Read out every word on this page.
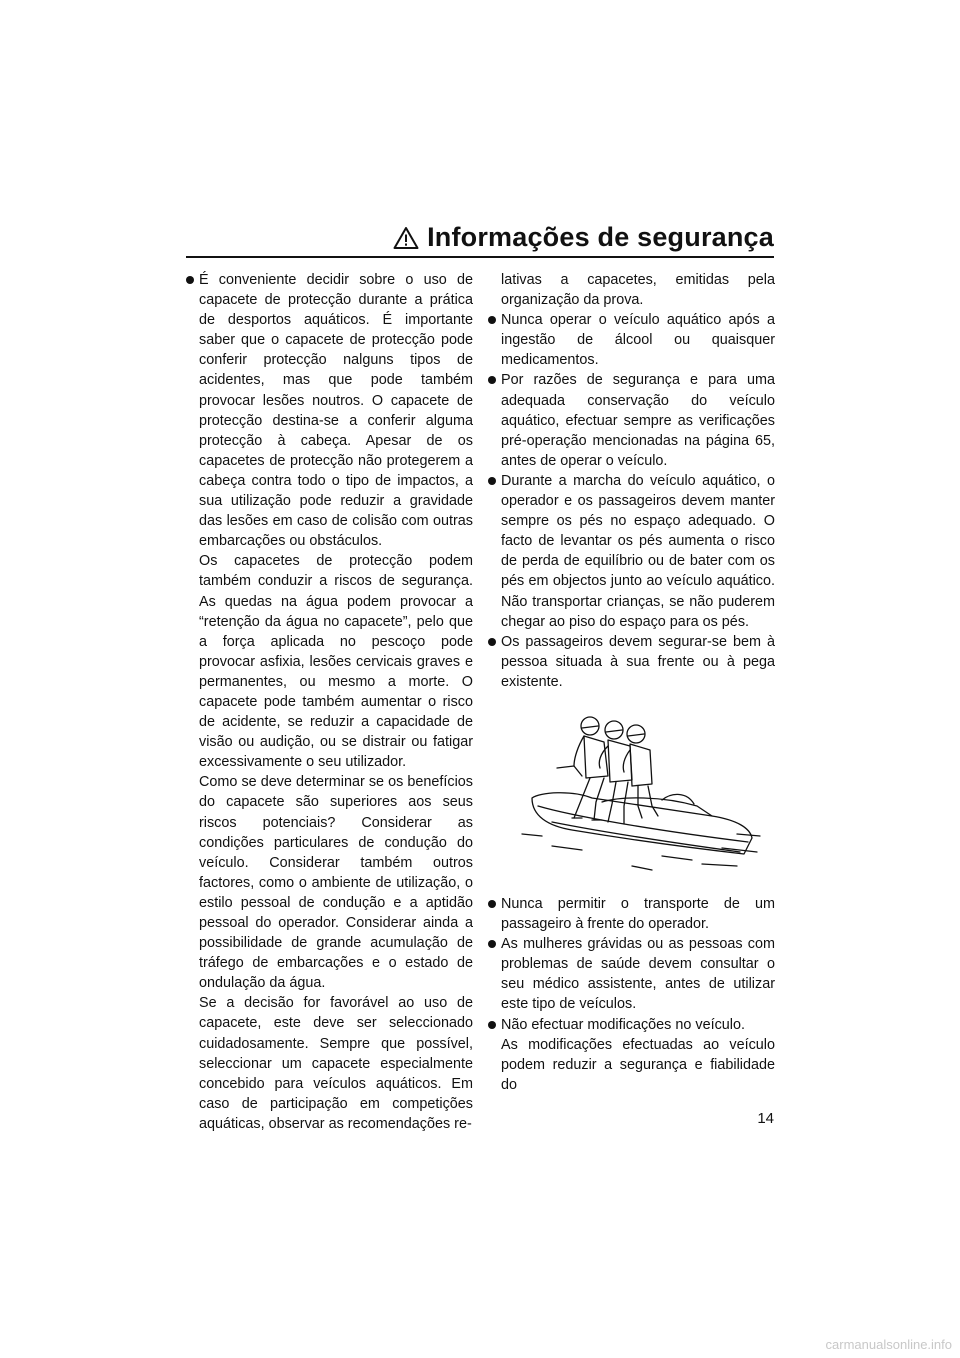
Informações de segurança

É conveniente decidir sobre o uso de capacete de protecção durante a prática de desportos aquáticos. É importante saber que o capacete de protecção pode conferir protecção nalguns tipos de acidentes, mas que pode também provocar lesões noutros. O capacete de protecção destina-se a conferir alguma protecção à cabeça. Apesar de os capacetes de protecção não protegerem a cabeça contra todo o tipo de impactos, a sua utilização pode reduzir a gravidade das lesões em caso de colisão com outras embarcações ou obstáculos.

Os capacetes de protecção podem também conduzir a riscos de segurança. As quedas na água podem provocar a “retenção da água no capacete”, pelo que a força aplicada no pescoço pode provocar asfixia, lesões cervicais graves e permanentes, ou mesmo a morte. O capacete pode também aumentar o risco de acidente, se reduzir a capacidade de visão ou audição, ou se distrair ou fatigar excessivamente o seu utilizador.

Como se deve determinar se os benefícios do capacete são superiores aos seus riscos potenciais? Considerar as condições particulares de condução do veículo. Considerar também outros factores, como o ambiente de utilização, o estilo pessoal de condução e a aptidão pessoal do operador. Considerar ainda a possibilidade de grande acumulação de tráfego de embarcações e o estado de ondulação da água.

Se a decisão for favorável ao uso de capacete, este deve ser seleccionado cuidadosamente. Sempre que possível, seleccionar um capacete especialmente concebido para veículos aquáticos. Em caso de participação em competições aquáticas, observar as recomendações re-

lativas a capacetes, emitidas pela organização da prova.

Nunca operar o veículo aquático após a ingestão de álcool ou quaisquer medicamentos.

Por razões de segurança e para uma adequada conservação do veículo aquático, efectuar sempre as verificações pré-operação mencionadas na página 65, antes de operar o veículo.

Durante a marcha do veículo aquático, o operador e os passageiros devem manter sempre os pés no espaço adequado. O facto de levantar os pés aumenta o risco de perda de equilíbrio ou de bater com os pés em objectos junto ao veículo aquático. Não transportar crianças, se não puderem chegar ao piso do espaço para os pés.

Os passageiros devem segurar-se bem à pessoa situada à sua frente ou à pega existente.

Nunca permitir o transporte de um passageiro à frente do operador.

As mulheres grávidas ou as pessoas com problemas de saúde devem consultar o seu médico assistente, antes de utilizar este tipo de veículos.

Não efectuar modificações no veículo.

As modificações efectuadas ao veículo podem reduzir a segurança e fiabilidade do

14
carmanualsonline.info
